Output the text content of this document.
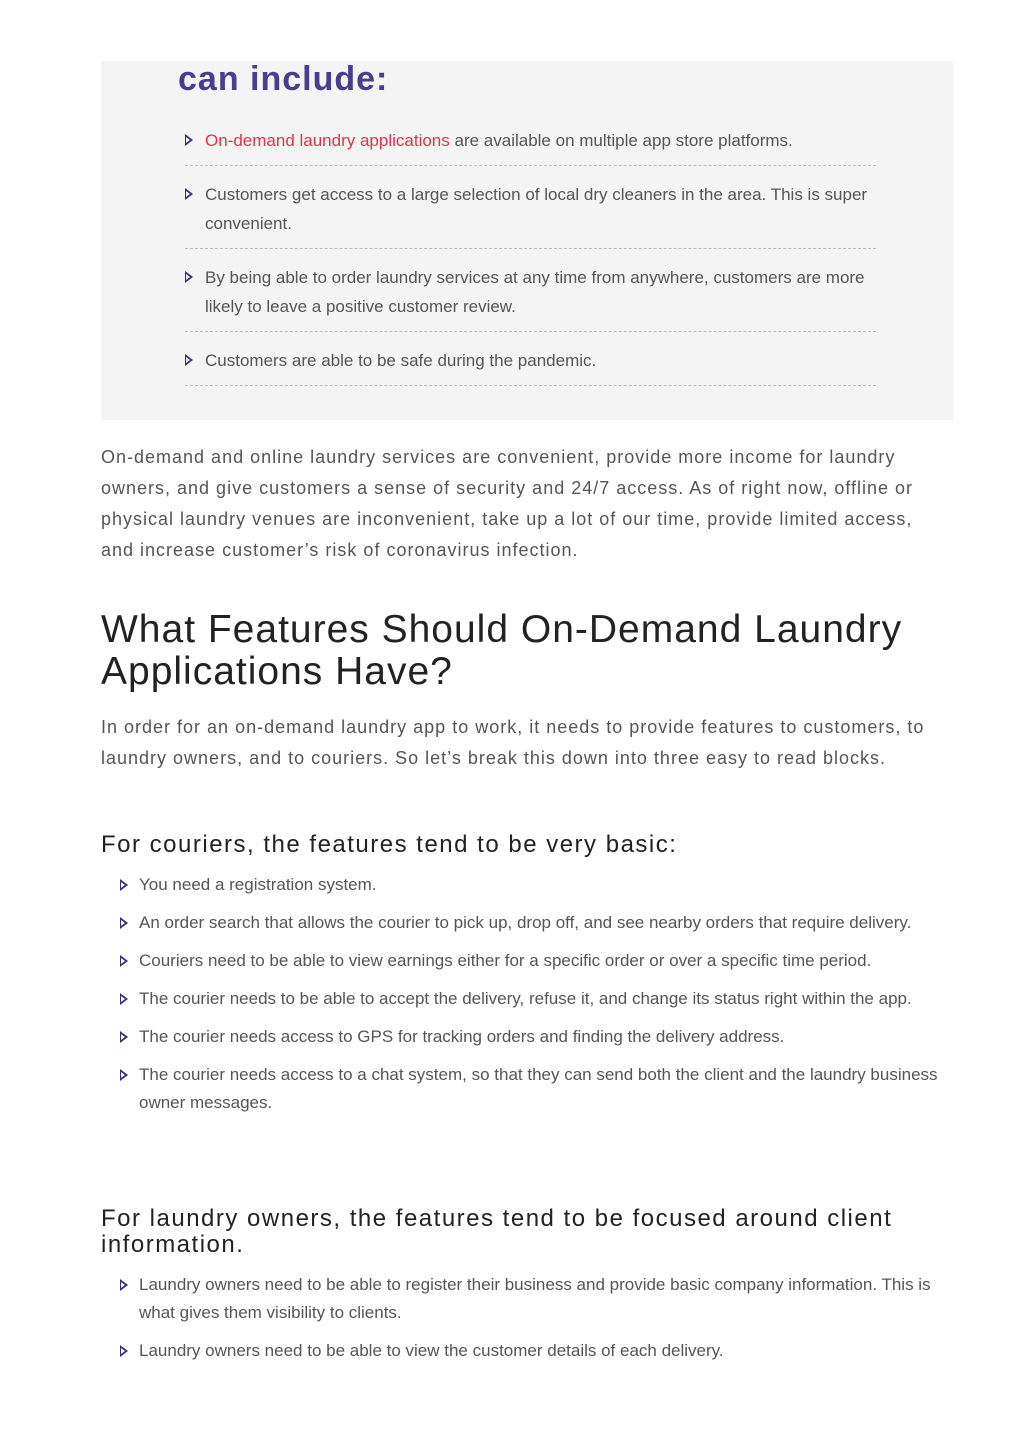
can include:
On-demand laundry applications are available on multiple app store platforms.
Customers get access to a large selection of local dry cleaners in the area. This is super convenient.
By being able to order laundry services at any time from anywhere, customers are more likely to leave a positive customer review.
Customers are able to be safe during the pandemic.

On-demand and online laundry services are convenient, provide more income for laundry owners, and give customers a sense of security and 24/7 access. As of right now, offline or physical laundry venues are inconvenient, take up a lot of our time, provide limited access, and increase customer’s risk of coronavirus infection.

What Features Should On-Demand Laundry Applications Have?

In order for an on-demand laundry app to work, it needs to provide features to customers, to laundry owners, and to couriers. So let’s break this down into three easy to read blocks.

For couriers, the features tend to be very basic:
You need a registration system.
An order search that allows the courier to pick up, drop off, and see nearby orders that require delivery.
Couriers need to be able to view earnings either for a specific order or over a specific time period.
The courier needs to be able to accept the delivery, refuse it, and change its status right within the app.
The courier needs access to GPS for tracking orders and finding the delivery address.
The courier needs access to a chat system, so that they can send both the client and the laundry business owner messages.
For laundry owners, the features tend to be focused around client information.
Laundry owners need to be able to register their business and provide basic company information. This is what gives them visibility to clients.
Laundry owners need to be able to view the customer details of each delivery.
